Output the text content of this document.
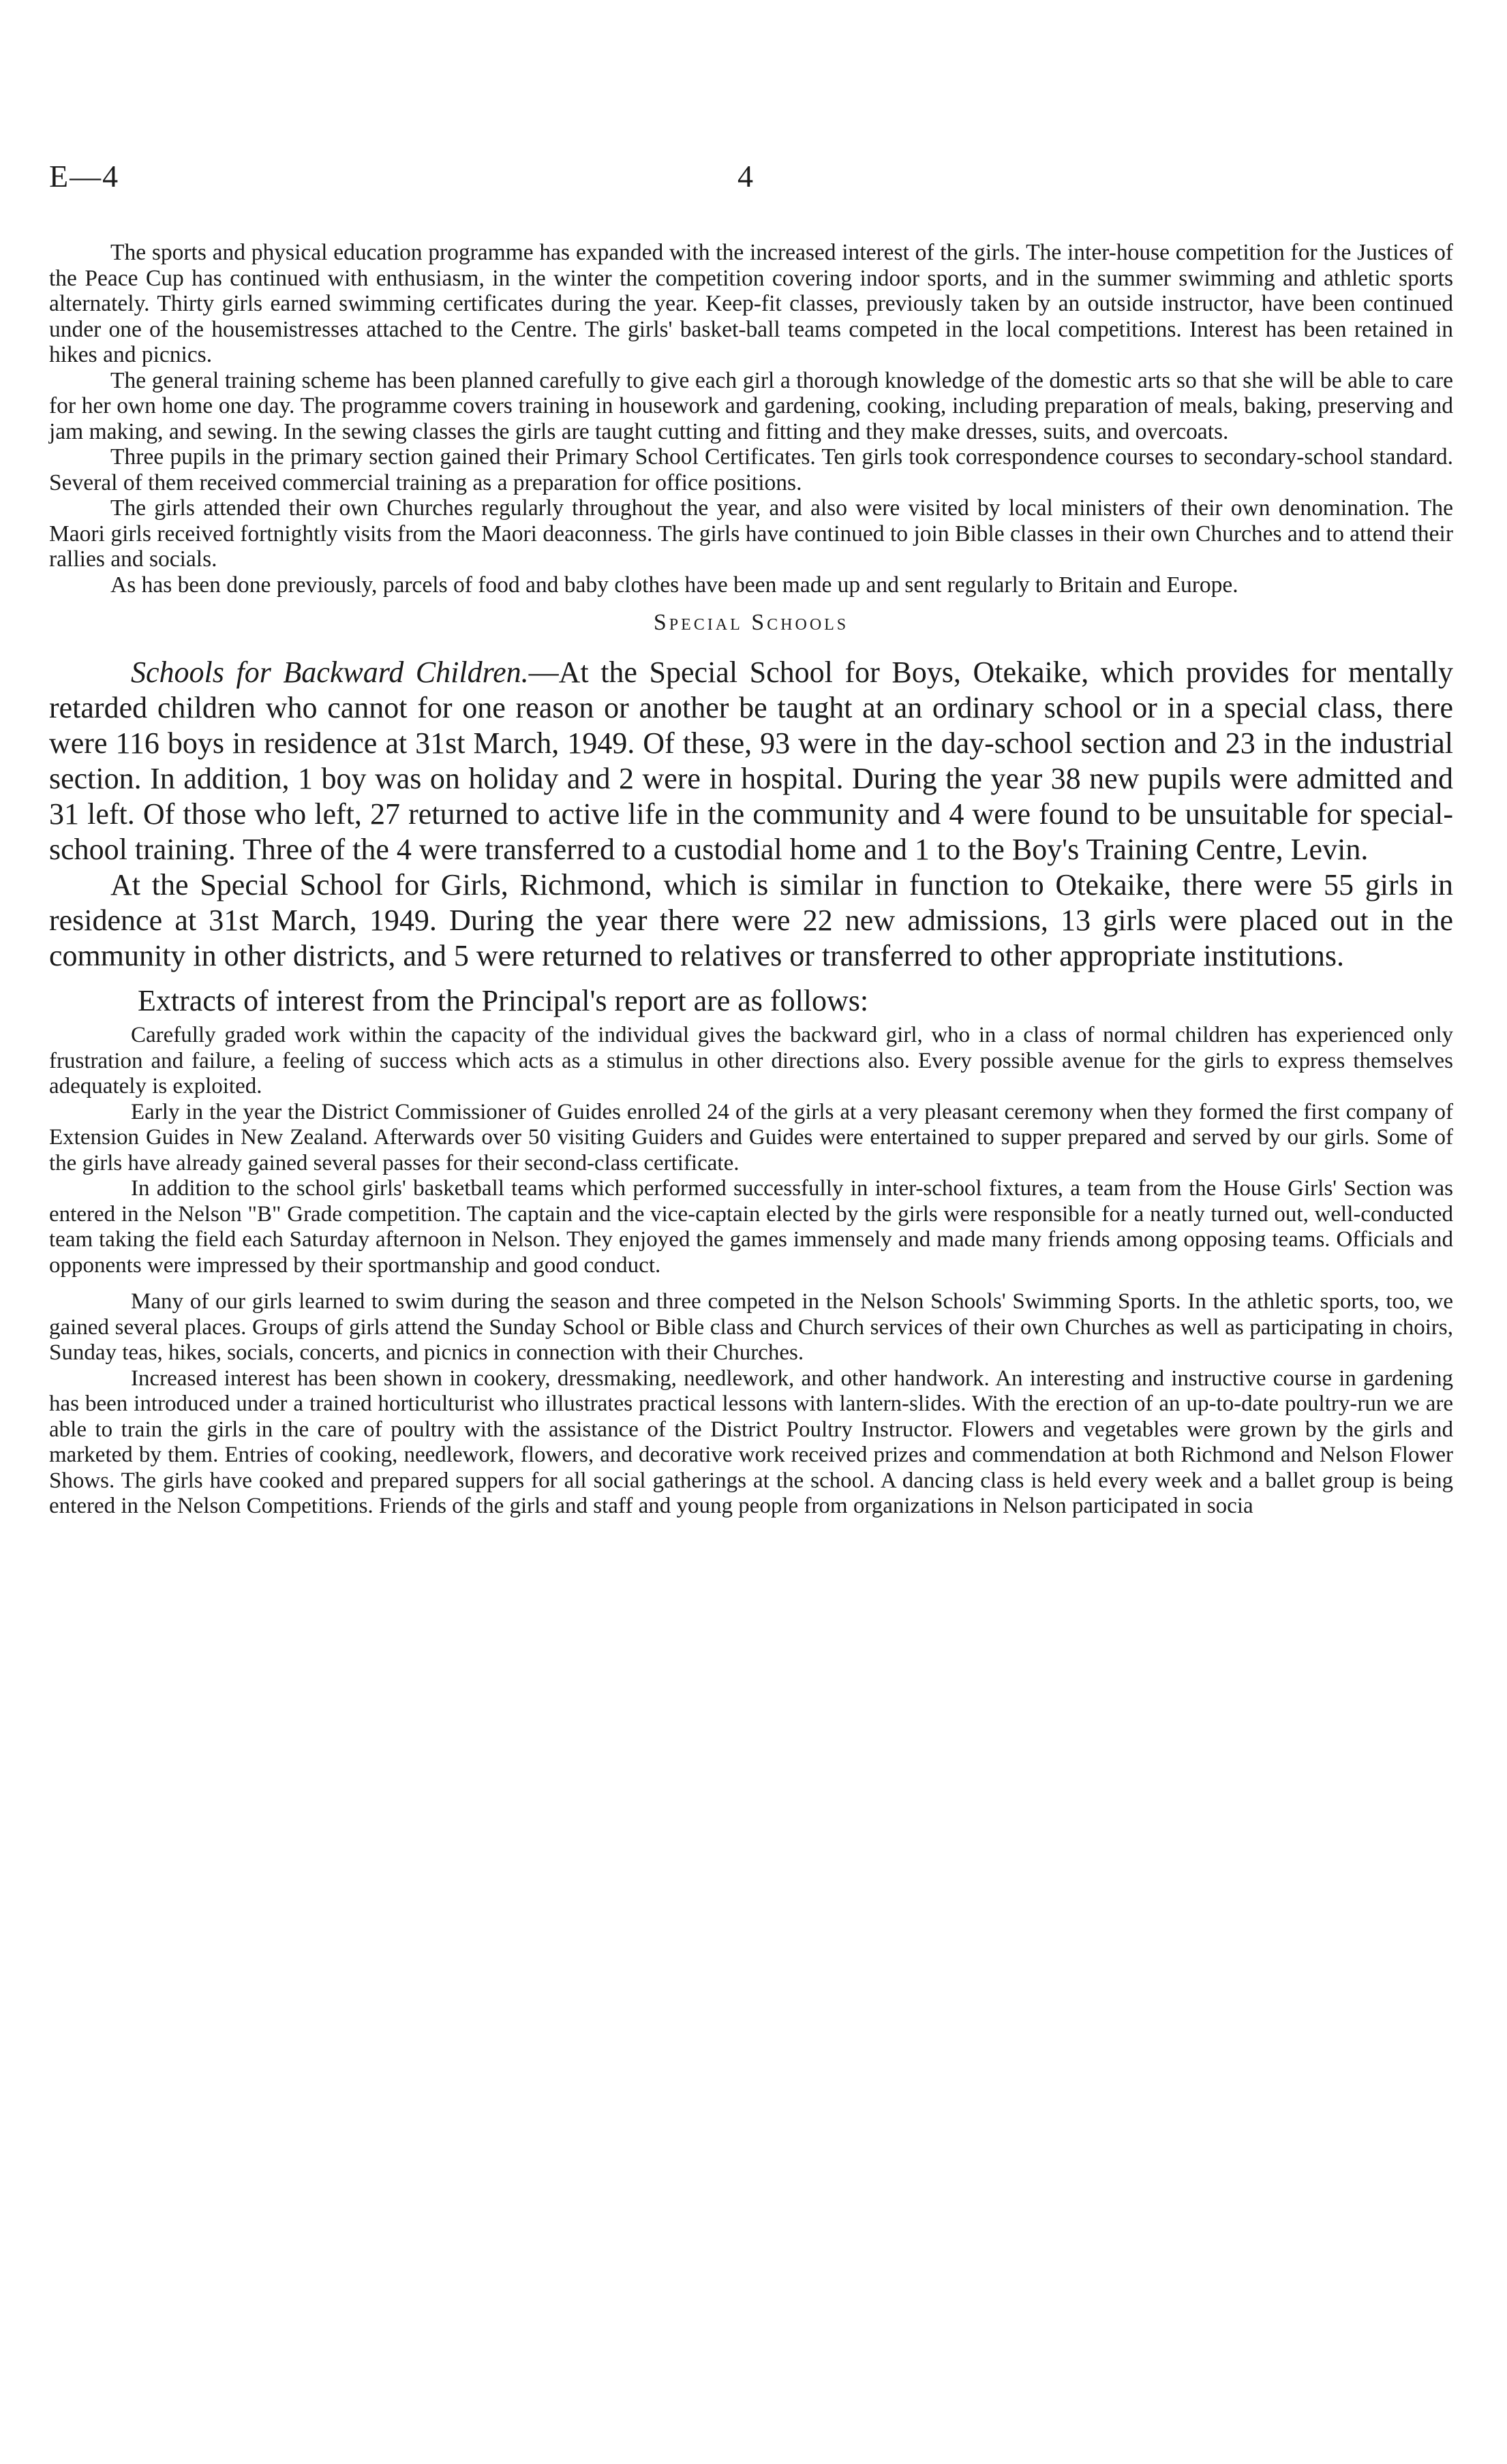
E—4	4

The sports and physical education programme has expanded with the increased interest of the girls. The inter-house competition for the Justices of the Peace Cup has continued with enthusiasm, in the winter the competition covering indoor sports, and in the summer swimming and athletic sports alternately. Thirty girls earned swimming certificates during the year. Keep-fit classes, previously taken by an outside instructor, have been continued under one of the housemistresses attached to the Centre. The girls' basket-ball teams competed in the local competitions. Interest has been retained in hikes and picnics.

The general training scheme has been planned carefully to give each girl a thorough knowledge of the domestic arts so that she will be able to care for her own home one day. The programme covers training in housework and gardening, cooking, including preparation of meals, baking, preserving and jam making, and sewing. In the sewing classes the girls are taught cutting and fitting and they make dresses, suits, and overcoats.

Three pupils in the primary section gained their Primary School Certificates. Ten girls took correspondence courses to secondary-school standard. Several of them received commercial training as a preparation for office positions.

The girls attended their own Churches regularly throughout the year, and also were visited by local ministers of their own denomination. The Maori girls received fortnightly visits from the Maori deaconness. The girls have continued to join Bible classes in their own Churches and to attend their rallies and socials.

As has been done previously, parcels of food and baby clothes have been made up and sent regularly to Britain and Europe.

Special Schools

Schools for Backward Children.—At the Special School for Boys, Otekaike, which provides for mentally retarded children who cannot for one reason or another be taught at an ordinary school or in a special class, there were 116 boys in residence at 31st March, 1949. Of these, 93 were in the day-school section and 23 in the industrial section. In addition, 1 boy was on holiday and 2 were in hospital. During the year 38 new pupils were admitted and 31 left. Of those who left, 27 returned to active life in the community and 4 were found to be unsuitable for special-school training. Three of the 4 were transferred to a custodial home and 1 to the Boy's Training Centre, Levin.

At the Special School for Girls, Richmond, which is similar in function to Otekaike, there were 55 girls in residence at 31st March, 1949. During the year there were 22 new admissions, 13 girls were placed out in the community in other districts, and 5 were returned to relatives or transferred to other appropriate institutions.

Extracts of interest from the Principal's report are as follows:

Carefully graded work within the capacity of the individual gives the backward girl, who in a class of normal children has experienced only frustration and failure, a feeling of success which acts as a stimulus in other directions also. Every possible avenue for the girls to express themselves adequately is exploited.

Early in the year the District Commissioner of Guides enrolled 24 of the girls at a very pleasant ceremony when they formed the first company of Extension Guides in New Zealand. Afterwards over 50 visiting Guiders and Guides were entertained to supper prepared and served by our girls. Some of the girls have already gained several passes for their second-class certificate.

In addition to the school girls' basketball teams which performed successfully in inter-school fixtures, a team from the House Girls' Section was entered in the Nelson "B" Grade competition. The captain and the vice-captain elected by the girls were responsible for a neatly turned out, well-conducted team taking the field each Saturday afternoon in Nelson. They enjoyed the games immensely and made many friends among opposing teams. Officials and opponents were impressed by their sportmanship and good conduct.

Many of our girls learned to swim during the season and three competed in the Nelson Schools' Swimming Sports. In the athletic sports, too, we gained several places. Groups of girls attend the Sunday School or Bible class and Church services of their own Churches as well as participating in choirs, Sunday teas, hikes, socials, concerts, and picnics in connection with their Churches.

Increased interest has been shown in cookery, dressmaking, needlework, and other handwork. An interesting and instructive course in gardening has been introduced under a trained horticulturist who illustrates practical lessons with lantern-slides. With the erection of an up-to-date poultry-run we are able to train the girls in the care of poultry with the assistance of the District Poultry Instructor. Flowers and vegetables were grown by the girls and marketed by them. Entries of cooking, needlework, flowers, and decorative work received prizes and commendation at both Richmond and Nelson Flower Shows. The girls have cooked and prepared suppers for all social gatherings at the school. A dancing class is held every week and a ballet group is being entered in the Nelson Competitions. Friends of the girls and staff and young people from organizations in Nelson participated in socia
